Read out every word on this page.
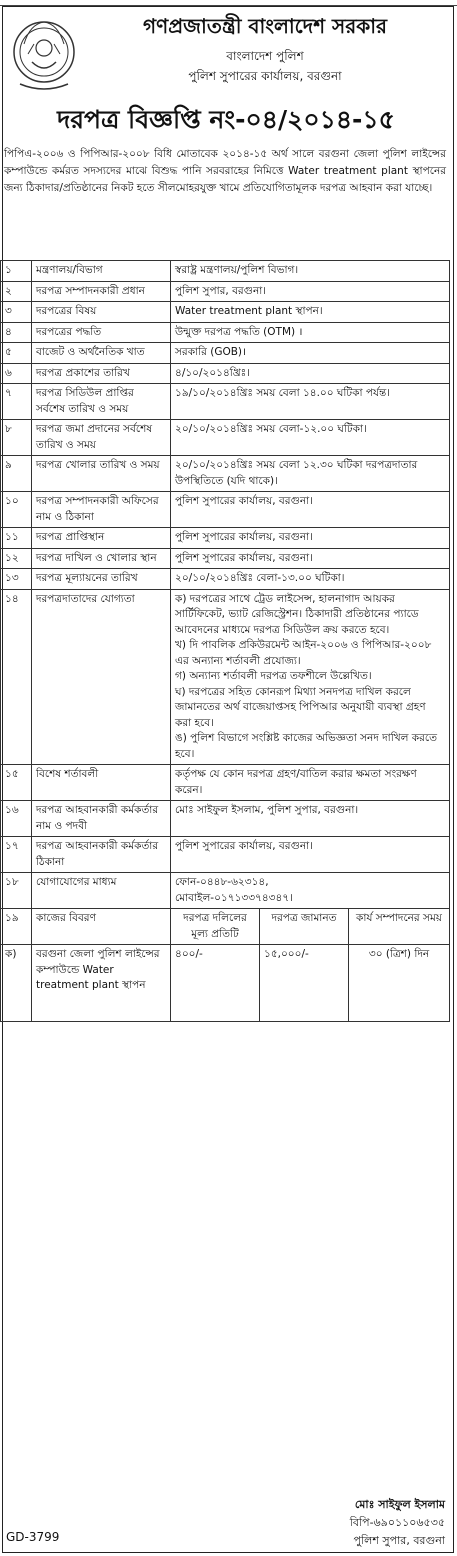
গণপ্রজাতন্ত্রী বাংলাদেশ সরকার
বাংলাদেশ পুলিশ
পুলিশ সুপারের কার্যালয়, বরগুনা
দরপত্র বিজ্ঞপ্তি নং-০৪/২০১৪-১৫
পিপিএ-২০০৬ ও পিপিআর-২০০৮ বিধি মোতাবেক ২০১৪-১৫ অর্থ সালে বরগুনা জেলা পুলিশ লাইন্সের কম্পাউন্ডে কর্মরত সদস্যদের মাঝে বিশুদ্ধ পানি সরবরাহের নিমিত্তে Water treatment plant স্থাপনের জন্য ঠিকাদার/প্রতিষ্ঠানের নিকট হতে সীলমোহরযুক্ত খামে প্রতিযোগিতামূলক দরপত্র আহবান করা যাচ্ছে।
১	মন্ত্রণালয়/বিভাগ	স্বরাষ্ট্র মন্ত্রণালয়/পুলিশ বিভাগ।		
২	দরপত্র সম্পাদনকারী প্রধান	পুলিশ সুপার, বরগুনা।		
৩	দরপত্রের বিষয়	Water treatment plant স্থাপন।		
৪	দরপত্রের পদ্ধতি	উন্মুক্ত দরপত্র পদ্ধতি (OTM) ।		
৫	বাজেট ও অর্থনৈতিক খাত	সরকারি (GOB)।		
৬	দরপত্র প্রকাশের তারিখ	৪/১০/২০১৪খ্রিঃ।		
৭	দরপত্র সিডিউল প্রাপ্তির সর্বশেষ তারিখ ও সময়	১৯/১০/২০১৪খ্রিঃ সময় বেলা ১৪.০০ ঘটিকা পর্যন্ত।		
৮	দরপত্র জমা প্রদানের সর্বশেষ তারিখ ও সময়	২০/১০/২০১৪খ্রিঃ সময় বেলা-১২.০০ ঘটিকা।		
৯	দরপত্র খোলার তারিখ ও সময়	২০/১০/২০১৪খ্রিঃ সময় বেলা ১২.৩০ ঘটিকা দরপত্রদাতার উপস্থিতিতে (যদি থাকে)।		
১০	দরপত্র সম্পাদনকারী অফিসের নাম ও ঠিকানা	পুলিশ সুপারের কার্যালয়, বরগুনা।		
১১	দরপত্র প্রাপ্তিস্থান	পুলিশ সুপারের কার্যালয়, বরগুনা।		
১২	দরপত্র দাখিল ও খোলার স্থান	পুলিশ সুপারের কার্যালয়, বরগুনা।		
১৩	দরপত্র মূল্যায়নের তারিখ	২০/১০/২০১৪খ্রিঃ বেলা-১৩.০০ ঘটিকা।		
১৪	দরপত্রদাতাদের যোগ্যতা	ক) দরপত্রের সাথে ট্রেড লাইসেন্স, হালনাগাদ আয়কর সার্টিফিকেট, ভ্যাট রেজিস্ট্রেশন। ঠিকাদারী প্রতিষ্ঠানের প্যাডে আবেদনের মাধ্যমে দরপত্র সিডিউল ক্রয় করতে হবে।
খ) দি পাবলিক প্রকিউরমেন্ট আইন-২০০৬ ও পিপিআর-২০০৮ এর অন্যান্য শর্তাবলী প্রযোজ্য।
গ) অন্যান্য শর্তাবলী দরপত্র তফশীলে উল্লেখিত।
ঘ) দরপত্রের সহিত কোনরূপ মিথ্যা সনদপত্র দাখিল করলে জামানতের অর্থ বাজেয়াপ্তসহ পিপিআর অনুযায়ী ব্যবস্থা গ্রহণ করা হবে।
ঙ) পুলিশ বিভাগে সংশ্লিষ্ট কাজের অভিজ্ঞতা সনদ দাখিল করতে হবে।		

১৫	বিশেষ শর্তাবলী	কর্তৃপক্ষ যে কোন দরপত্র গ্রহণ/বাতিল করার ক্ষমতা সংরক্ষণ করেন।		
১৬	দরপত্র আহবানকারী কর্মকর্তার নাম ও পদবী	মোঃ সাইফুল ইসলাম, পুলিশ সুপার, বরগুনা।		
১৭	দরপত্র আহবানকারী কর্মকর্তার ঠিকানা	পুলিশ সুপারের কার্যালয়, বরগুনা।		
১৮	যোগাযোগের মাধ্যম	ফোন-০৪৪৮-৬২৩১৪,
মোবাইল-০১৭১৩৩৭৪৩৪৭।		

১৯	কাজের বিবরণ	দরপত্র দলিলের মূল্য প্রতিটি	দরপত্র জামানত	কার্য সম্পাদনের সময়
ক)	বরগুনা জেলা পুলিশ লাইন্সের কম্পাউন্ডে Water treatment plant স্থাপন	৪০০/-	১৫,০০০/-	৩০ (ত্রিশ) দিন
মোঃ সাইফুল ইসলাম
বিপি-৬৯০১১০৬৫৩৫
পুলিশ সুপার, বরগুনা
GD-3799
